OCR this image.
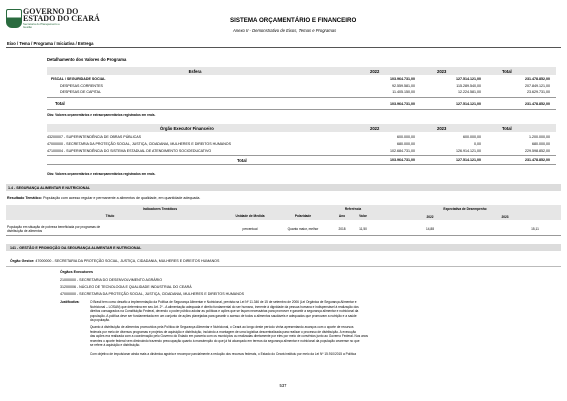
GOVERNO DO
ESTADO DO CEARÁ
Secretaria do Planejamento e Gestão
SISTEMA ORÇAMENTÁRIO E FINANCEIRO
Anexo II - Demonstrativo de Eixos, Temas e Programas
Eixo / Tema / Programa / Iniciativa / Entrega
Detalhamento dos Valores do Programa
Esfera	2022	2023	Total
FISCAL / SEGURIDADE SOCIAL	103.964.731,00	127.514.121,00	231.478.852,00
DESPESAS CORRENTES	92.559.581,00	115.289.540,00	207.849.121,00
DESPESAS DE CAPITAL	11.405.150,00	12.224.581,00	23.629.731,00
Total	103.964.731,00	127.514.121,00	231.478.852,00
Obs: Valores orçamentários e extraorçamentários registrados em reais.
Órgão Executor Financeiro	2022	2023	Total
43200007 - SUPERINTENDÊNCIA DE OBRAS PÚBLICAS	600.000,00	600.000,00	1.200.000,00
47000000 - SECRETARIA DA PROTEÇÃO SOCIAL, JUSTIÇA, CIDADANIA, MULHERES E DIREITOS HUMANOS	680.000,00	0,00	680.000,00
47100004 - SUPERINTENDÊNCIA DO SISTEMA ESTADUAL DE ATENDIMENTO SOCIOEDUCATIVO	102.684.731,00	126.914.121,00	229.598.852,00
Total	103.964.731,00	127.514.121,00	231.478.852,00
Obs: Valores orçamentários e extraorçamentários registrados em reais.
1.4 - SEGURANÇA ALIMENTAR E NUTRICIONAL
Resultado Temático: População com acesso regular e permanente a alimentos de qualidade, em quantidade adequada.
Indicadores Temáticos	Referência	Expectativa de Desempenho
Título	Unidade de Medida	Polaridade	Ano	Valor	2022	2023
População em situação de pobreza beneficiada por programas de
distribuição de alimentos	percentual	Quanto maior, melhor	2018	11,50	14,88	15,11
141 - GESTÃO E PROMOÇÃO DA SEGURANÇA ALIMENTAR E NUTRICIONAL
Órgão Gestor: 47000000 - SECRETARIA DA PROTEÇÃO SOCIAL, JUSTIÇA, CIDADANIA, MULHERES E DIREITOS HUMANOS
Órgãos Executores
21000000 - SECRETARIA DO DESENVOLVIMENTO AGRÁRIO
31200006 - NÚCLEO DE TECNOLOGIA E QUALIDADE INDUSTRIAL DO CEARÁ
47000000 - SECRETARIA DA PROTEÇÃO SOCIAL, JUSTIÇA, CIDADANIA, MULHERES E DIREITOS HUMANOS
Justificativa:	O Brasil tem como desafio a implementação da Política de Segurança Alimentar e Nutricional, prevista na Lei Nº 11.346 de 15 de setembro de 2006 (Lei Orgânica de Segurança Alimentar e
Nutricional – LOSAN) que determina em seu Art. 2º - A alimentação adequada é direito fundamental do ser humano, inerente à dignidade da pessoa humana e indispensável à realização dos
direitos consagrados na Constituição Federal, devendo o poder público adotar as políticas e ações que se façam necessárias para promover e garantir a segurança alimentar e nutricional da
população. A política deve ser fundamentada em um conjunto de ações planejadas para garantir o acesso de todos a alimentos saudáveis e adequados que promovam a nutrição e a saúde
da população.
Quanto à distribuição de alimentos promovidos pela Política de Segurança Alimentar e Nutricional, o Ceará ao longo deste período vinha apresentando avanços com o aporte de recursos
federais por meio de diversos programas e projetos de aquisição e distribuição, incluindo a montagem de uma logística descentralizada para realizar o processo de distribuição. A execução
das ações era realizada com a coordenação pelo Governo do Estado em parceria com os municípios ou realizadas diretamente por eles por meio de convênios junto ao Governo Federal. Nos anos
recentes o aporte federal vem diminuindo trazendo preocupação quanto à manutenção do que já foi alcançado em termos da segurança alimentar e nutricional da população cearense no que
se refere à aquisição e distribuição.
Com objetivo de impulsionar ainda mais a dinâmica agrária e recompor parcialmente a redução dos recursos federais, o Estado do Ceará instituiu por meio da Lei Nº 15.910/2015 a Política
537
